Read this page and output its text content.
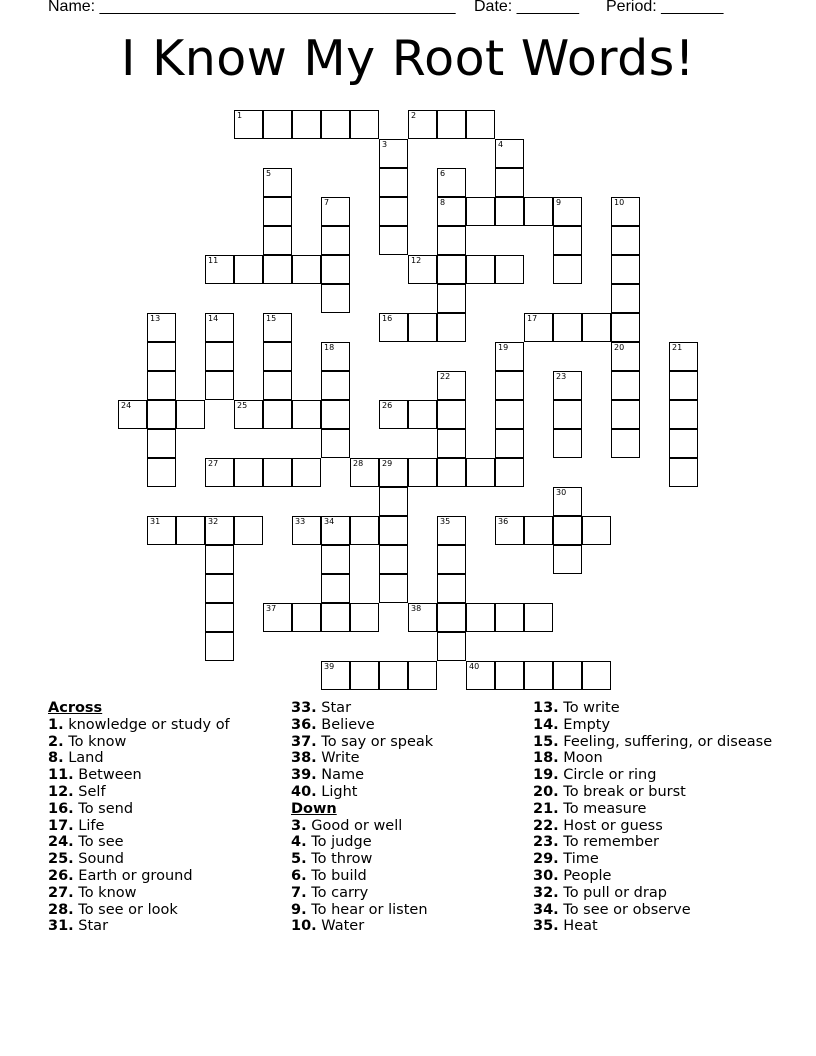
Name: ________________________________________ Date: _______ Period: _______
I Know My Root Words!
1	2
3	4
5	6
8
7	9	10
11	12
13	14	15	16	17
18	19	20	21
22	23
24	25	26
27	28 29
30
31	32	33 34	35	36
37	38
39	40
Across
1. knowledge or study of
2. To know
8. Land
11. Between
12. Self
16. To send
17. Life
24. To see
25. Sound
26. Earth or ground
27. To know
28. To see or look
31. Star
33. Star
36. Believe
37. To say or speak
38. Write
39. Name
40. Light
Down
3. Good or well
4. To judge
5. To throw
6. To build
7. To carry
9. To hear or listen
10. Water
13. To write
14. Empty
15. Feeling, suffering, or disease
18. Moon
19. Circle or ring
20. To break or burst
21. To measure
22. Host or guess
23. To remember
29. Time
30. People
32. To pull or drap
34. To see or observe
35. Heat
